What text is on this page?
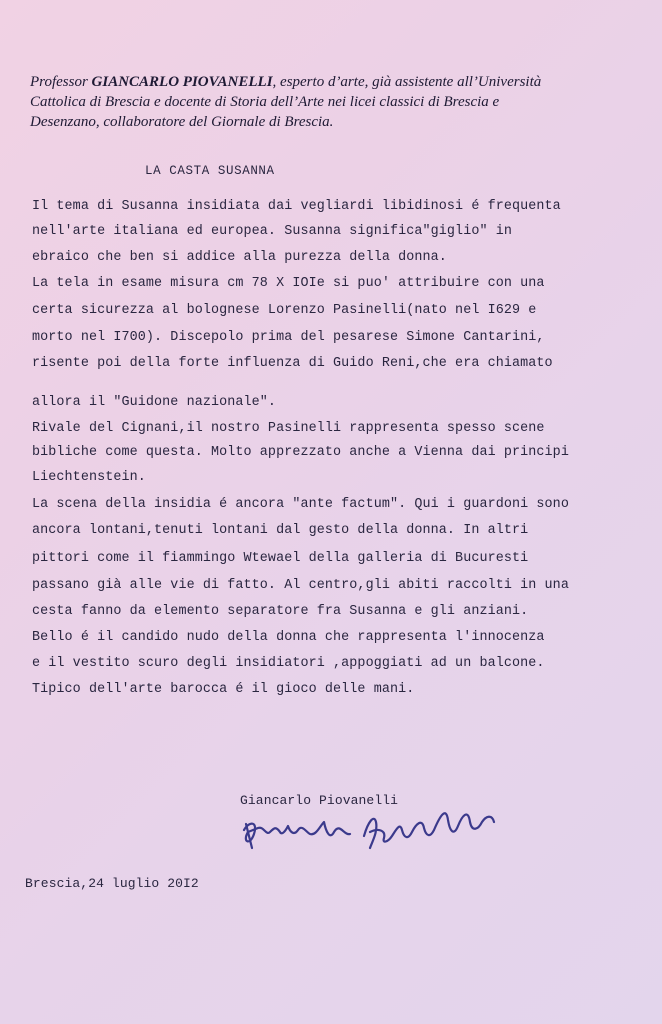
Professor GIANCARLO PIOVANELLI, esperto d’arte, già assistente all’Università
Cattolica di Brescia e docente di Storia dell’Arte nei licei classici di Brescia e
Desenzano, collaboratore del Giornale di Brescia.
LA CASTA SUSANNA
Il tema di Susanna insidiata dai vegliardi libidinosi é frequenta
nell'arte italiana ed europea. Susanna significa"giglio" in
ebraico che ben si addice alla purezza della donna.
La tela in esame misura cm 78 X IOIe si puo' attribuire con una
certa sicurezza al bolognese Lorenzo Pasinelli(nato nel I629 e
morto nel I700). Discepolo prima del pesarese Simone Cantarini,
risente poi della forte influenza di Guido Reni,che era chiamato
allora il "Guidone nazionale".
Rivale del Cignani,il nostro Pasinelli rappresenta spesso scene
bibliche come questa. Molto apprezzato anche a Vienna dai principi
Liechtenstein.
La scena della insidia é ancora "ante factum". Qui i guardoni sono
ancora lontani,tenuti lontani dal gesto della donna. In altri
pittori come il fiammingo Wtewael della galleria di Bucuresti
passano già alle vie di fatto. Al centro,gli abiti raccolti in una
cesta fanno da elemento separatore fra Susanna e gli anziani.
Bello é il candido nudo della donna che rappresenta l'innocenza
e il vestito scuro degli insidiatori ,appoggiati ad un balcone.
Tipico dell'arte barocca é il gioco delle mani.
Giancarlo Piovanelli
Brescia,24 luglio 20I2
